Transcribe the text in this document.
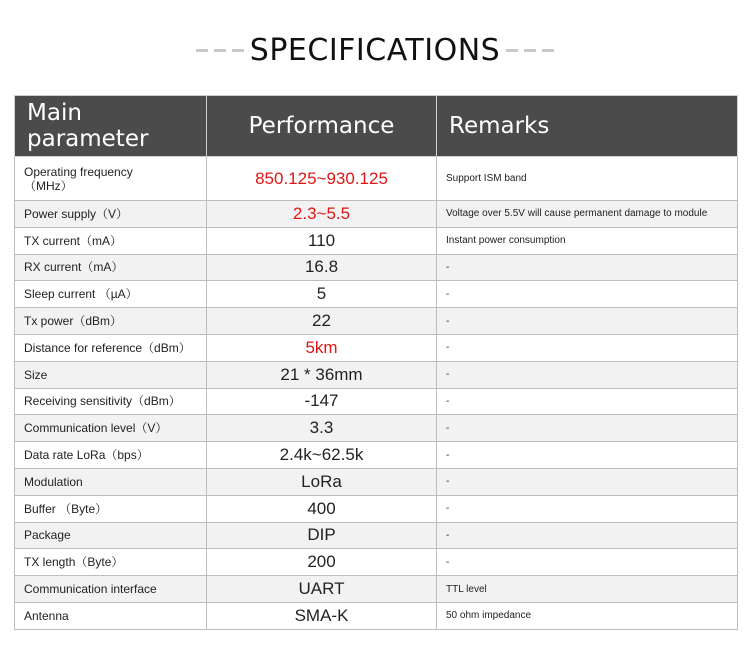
SPECIFICATIONS
Main parameter	Performance	Remarks
Operating frequency（MHz）	850.125~930.125	Support ISM band
Power supply（V）	2.3~5.5	Voltage over 5.5V will cause permanent damage to module
TX current（mA）	110	Instant power consumption
RX current（mA）	16.8	-
Sleep current （µA）	5	-
Tx power（dBm）	22	-
Distance for reference（dBm）	5km	-
Size	21 * 36mm	-
Receiving sensitivity（dBm）	-147	-
Communication level（V）	3.3	-
Data rate LoRa（bps）	2.4k~62.5k	-
Modulation	LoRa	-
Buffer （Byte）	400	-
Package	DIP	-
TX length（Byte）	200	-
Communication interface	UART	TTL level
Antenna	SMA-K	50 ohm impedance
